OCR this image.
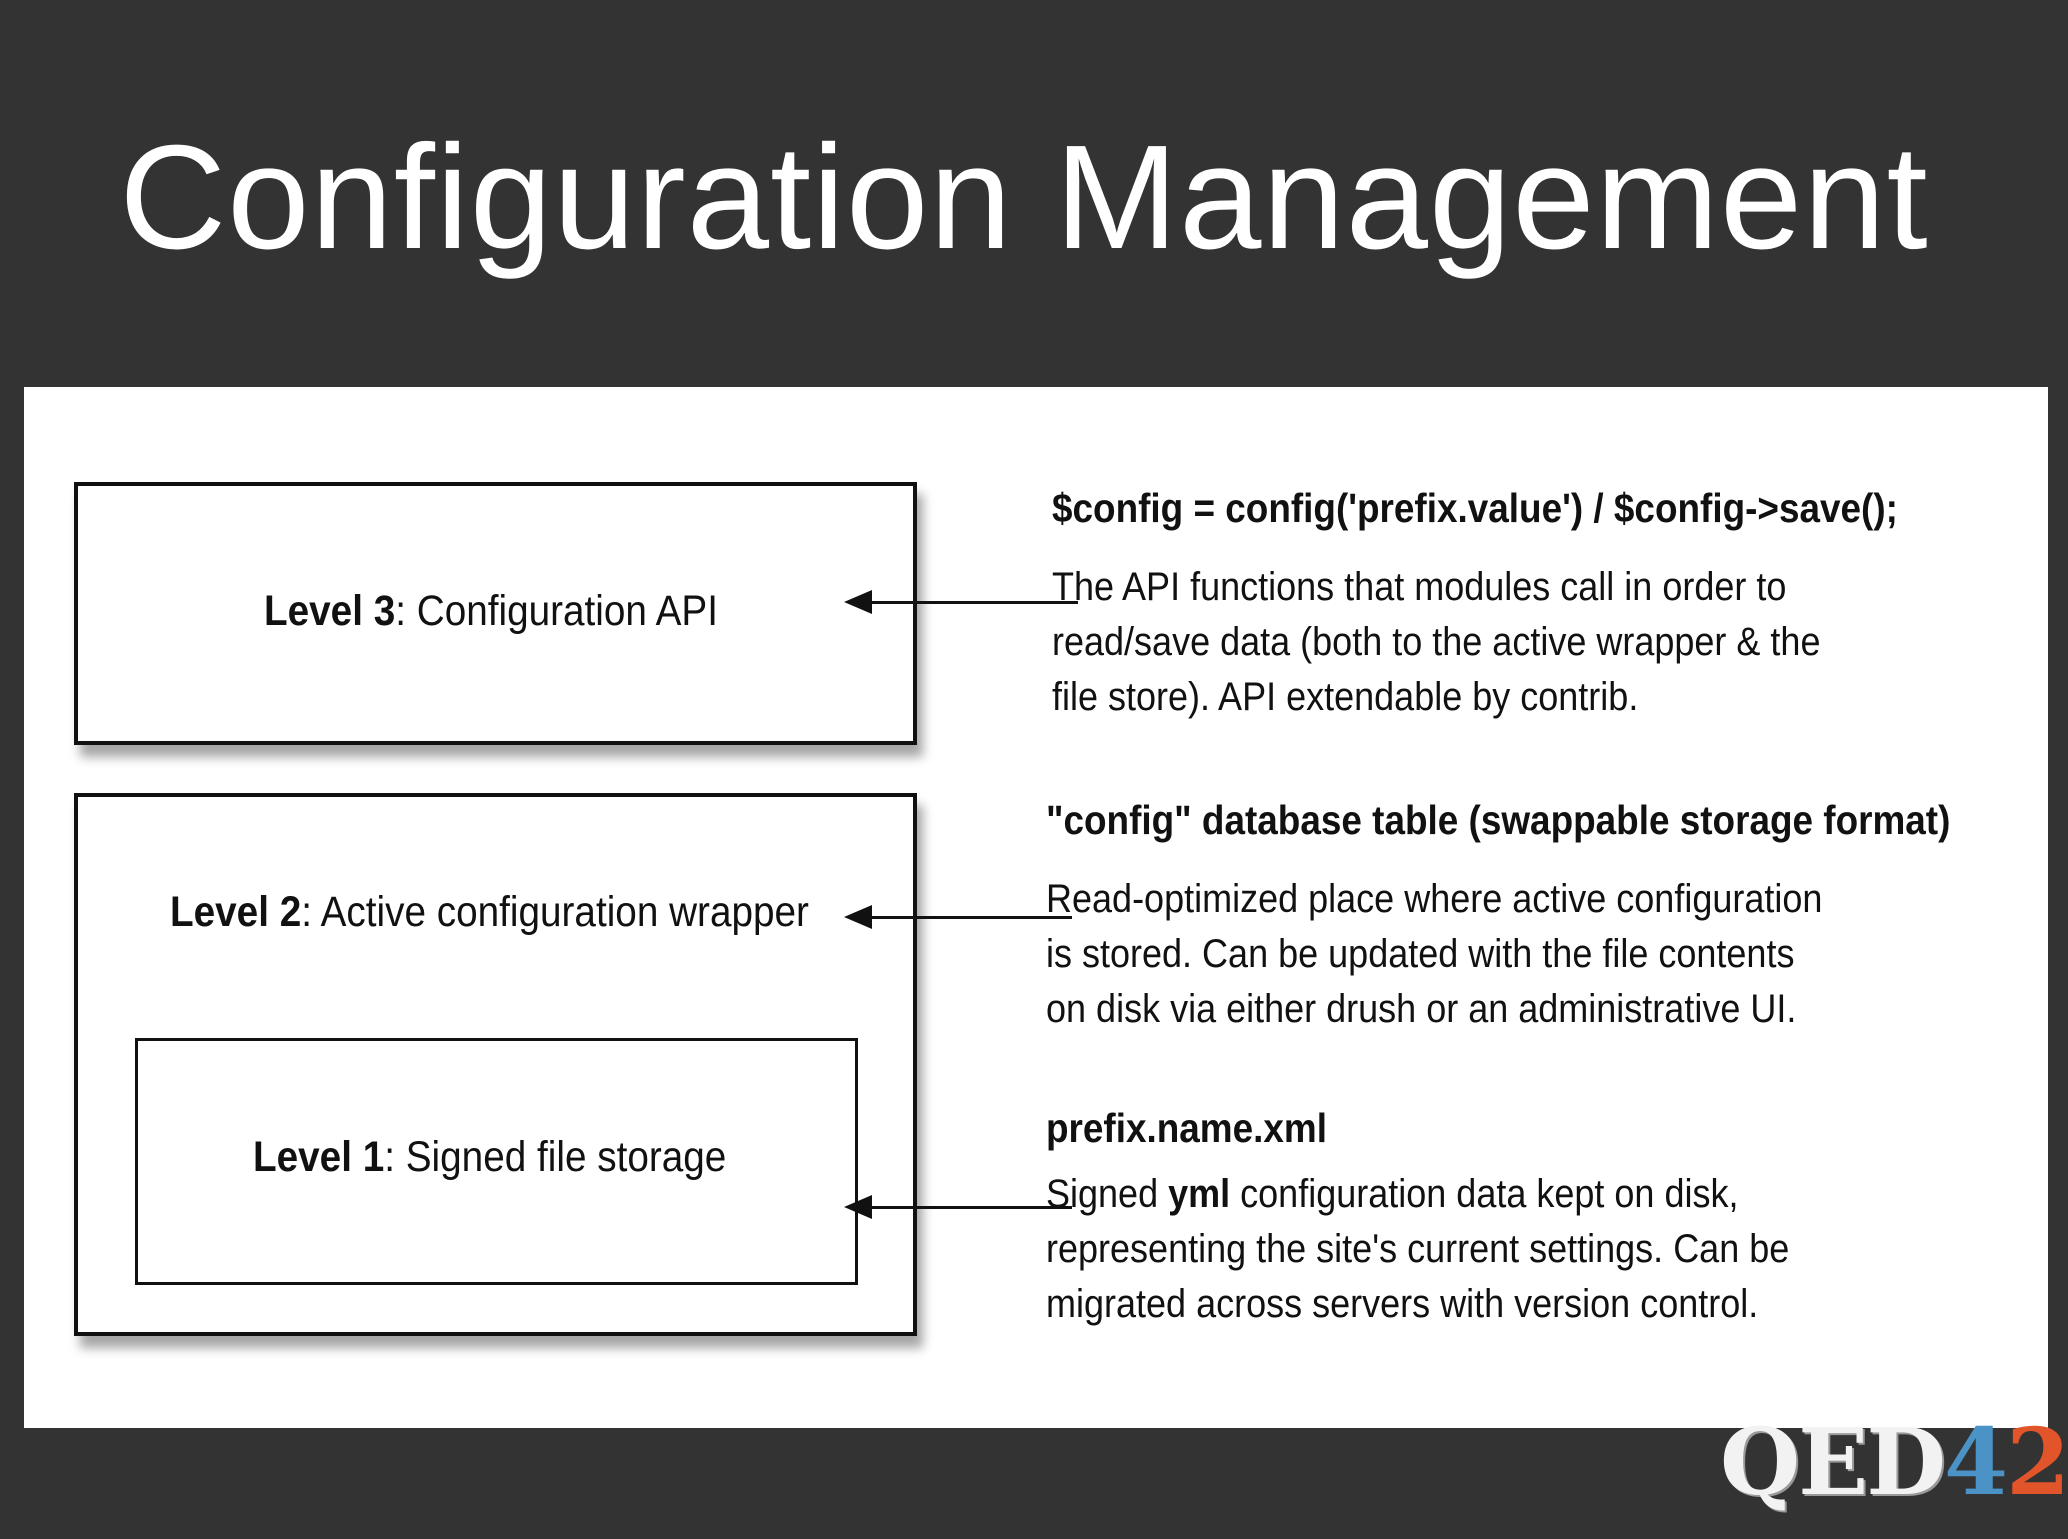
Configuration Management
Level 3: Configuration API
Level 2: Active configuration wrapper
Level 1: Signed file storage
$config = config('prefix.value') / $config->save();
The API functions that modules call in order to
read/save data (both to the active wrapper & the
file store). API extendable by contrib.
"config" database table (swappable storage format)
Read-optimized place where active configuration
is stored. Can be updated with the file contents
on disk via either drush or an administrative UI.
prefix.name.xml
Signed yml configuration data kept on disk,
representing the site's current settings. Can be
migrated across servers with version control.
QED42
